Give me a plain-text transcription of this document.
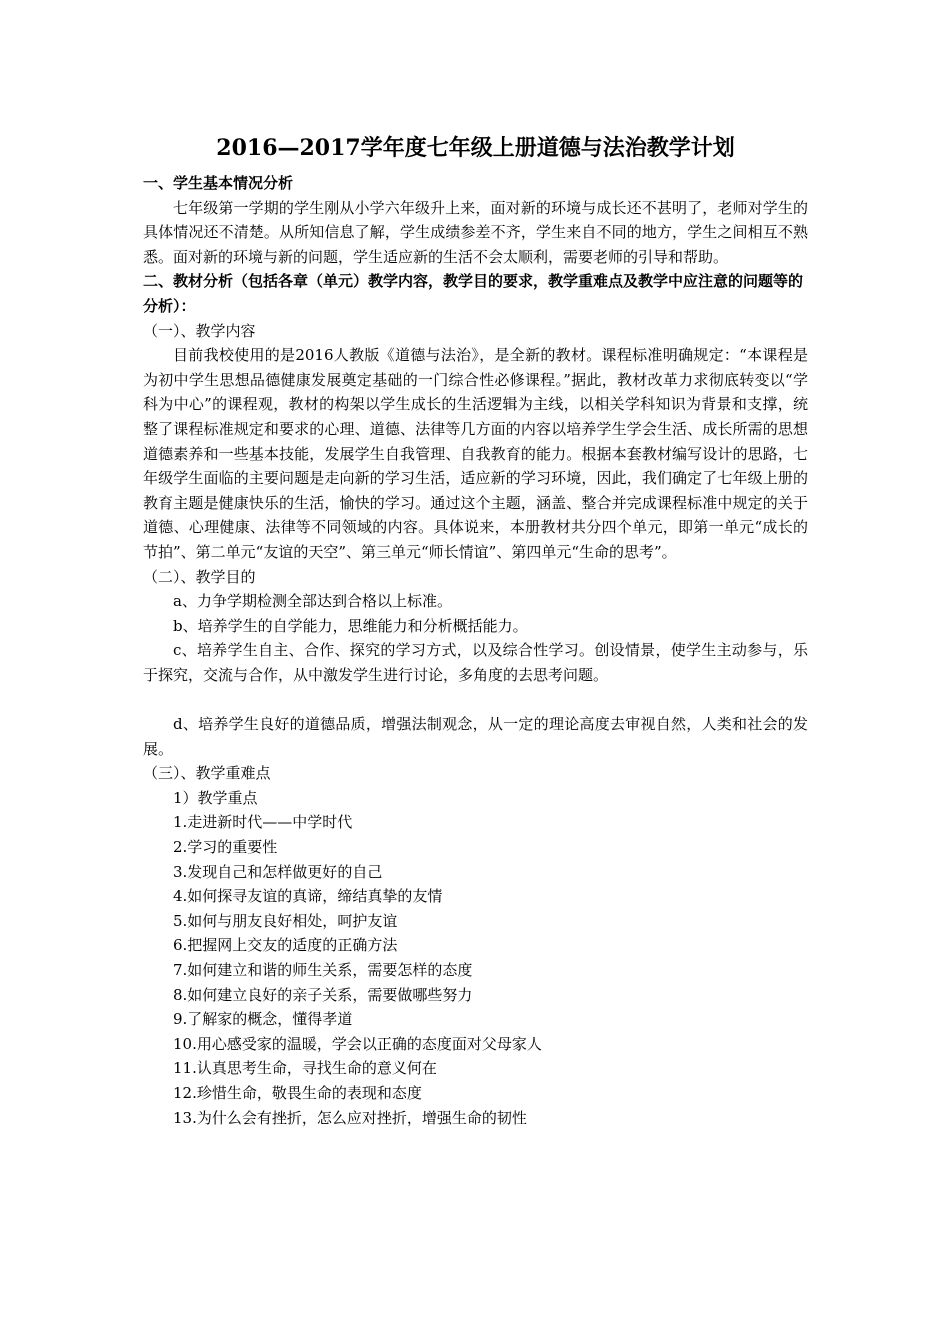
2016—2017学年度七年级上册道德与法治教学计划

一、学生基本情况分析

七年级第一学期的学生刚从小学六年级升上来，面对新的环境与成长还不甚明了，老师对学生的具体情况还不清楚。从所知信息了解，学生成绩参差不齐，学生来自不同的地方，学生之间相互不熟悉。面对新的环境与新的问题，学生适应新的生活不会太顺利，需要老师的引导和帮助。

二、教材分析（包括各章（单元）教学内容，教学目的要求，教学重难点及教学中应注意的问题等的分析）：

（一）、教学内容

目前我校使用的是2016人教版《道德与法治》，是全新的教材。课程标准明确规定：“本课程是为初中学生思想品德健康发展奠定基础的一门综合性必修课程。”据此，教材改革力求彻底转变以“学科为中心”的课程观，教材的构架以学生成长的生活逻辑为主线，以相关学科知识为背景和支撑，统整了课程标准规定和要求的心理、道德、法律等几方面的内容以培养学生学会生活、成长所需的思想道德素养和一些基本技能，发展学生自我管理、自我教育的能力。根据本套教材编写设计的思路，七年级学生面临的主要问题是走向新的学习生活，适应新的学习环境，因此，我们确定了七年级上册的教育主题是健康快乐的生活，愉快的学习。通过这个主题，涵盖、整合并完成课程标准中规定的关于道德、心理健康、法律等不同领域的内容。具体说来，本册教材共分四个单元，即第一单元“成长的节拍”、第二单元“友谊的天空”、第三单元“师长情谊”、第四单元“生命的思考”。

（二）、教学目的

a、力争学期检测全部达到合格以上标准。

b、培养学生的自学能力，思维能力和分析概括能力。

c、培养学生自主、合作、探究的学习方式，以及综合性学习。创设情景，使学生主动参与，乐于探究，交流与合作，从中激发学生进行讨论，多角度的去思考问题。

d、培养学生良好的道德品质，增强法制观念，从一定的理论高度去审视自然，人类和社会的发展。

（三）、教学重难点

1）教学重点

1.走进新时代——中学时代

2.学习的重要性

3.发现自己和怎样做更好的自己

4.如何探寻友谊的真谛，缔结真挚的友情

5.如何与朋友良好相处，呵护友谊

6.把握网上交友的适度的正确方法

7.如何建立和谐的师生关系，需要怎样的态度

8.如何建立良好的亲子关系，需要做哪些努力

9.了解家的概念，懂得孝道

10.用心感受家的温暖，学会以正确的态度面对父母家人

11.认真思考生命，寻找生命的意义何在

12.珍惜生命，敬畏生命的表现和态度

13.为什么会有挫折，怎么应对挫折，增强生命的韧性
